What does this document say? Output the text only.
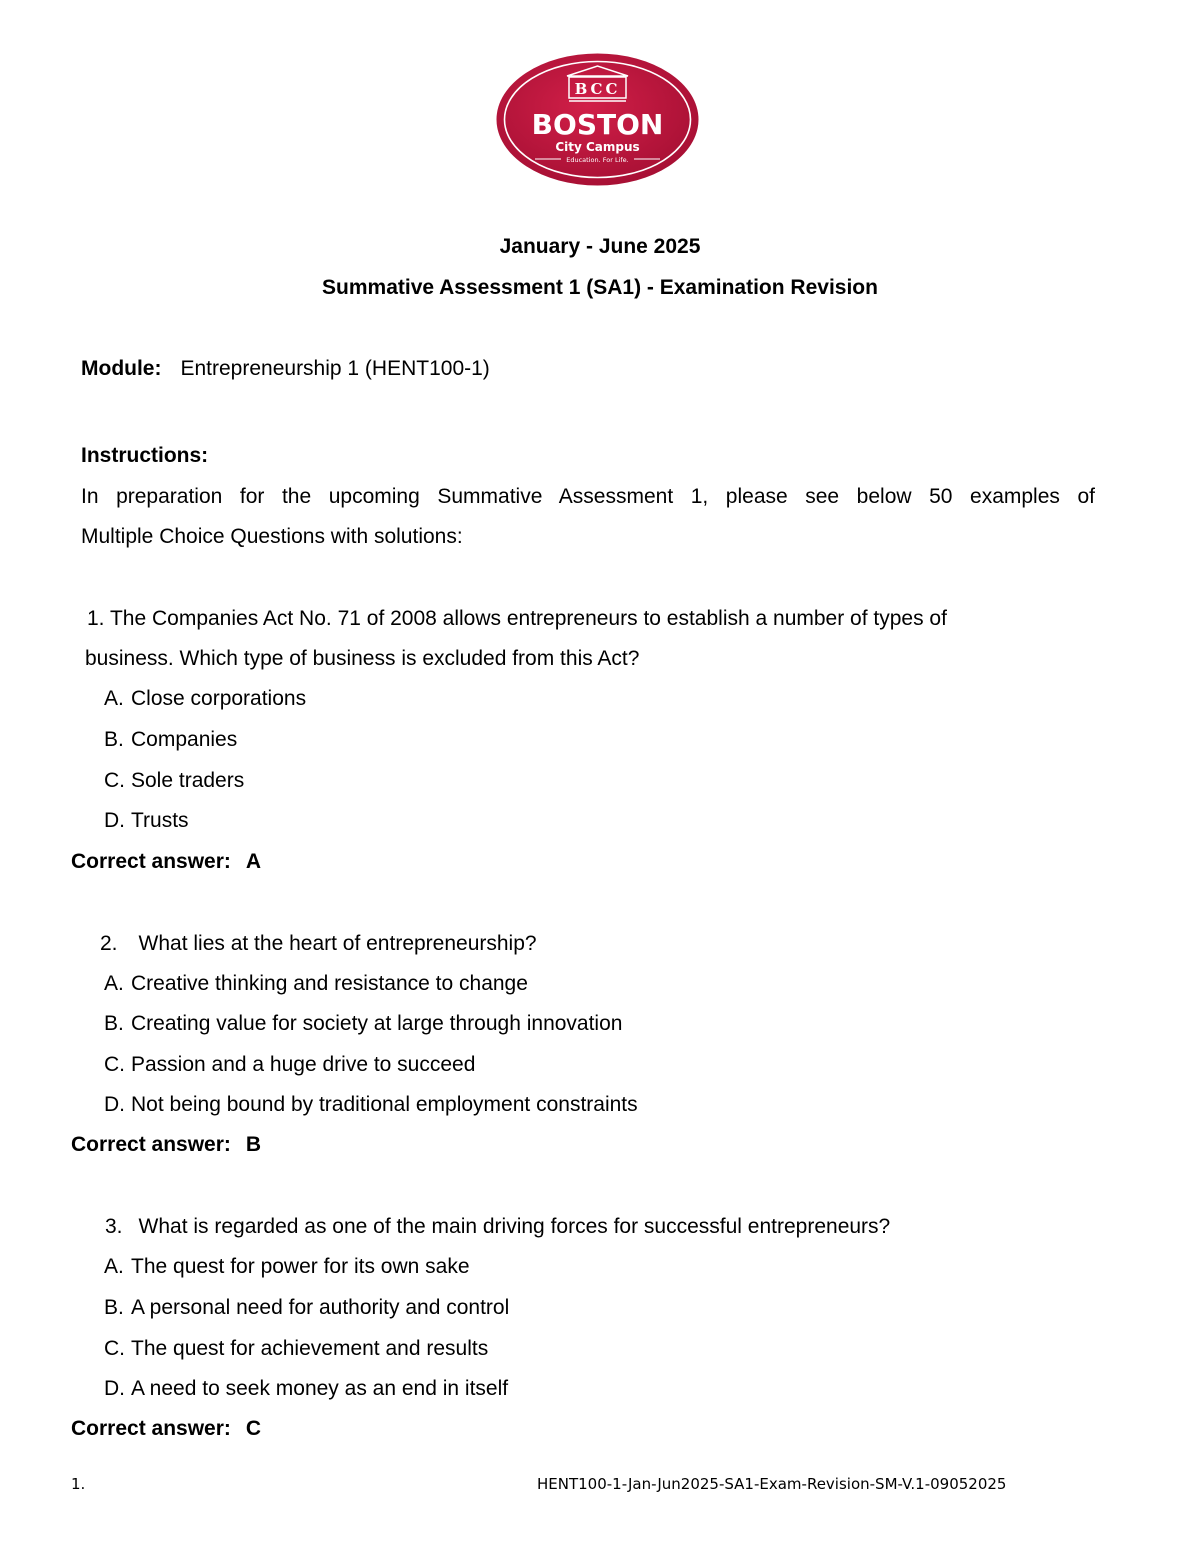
BCC
BOSTON
City Campus
Education. For Life.
January - June 2025
Summative Assessment 1 (SA1) - Examination Revision
Module: Entrepreneurship 1 (HENT100-1)
Instructions:
In preparation for the upcoming Summative Assessment 1, please see below 50 examples of
Multiple Choice Questions with solutions:
1. The Companies Act No. 71 of 2008 allows entrepreneurs to establish a number of types of
business. Which type of business is excluded from this Act?
A. Close corporations
B. Companies
C. Sole traders
D. Trusts
Correct answer: A
2. What lies at the heart of entrepreneurship?
A. Creative thinking and resistance to change
B. Creating value for society at large through innovation
C. Passion and a huge drive to succeed
D. Not being bound by traditional employment constraints
Correct answer: B
3. What is regarded as one of the main driving forces for successful entrepreneurs?
A. The quest for power for its own sake
B. A personal need for authority and control
C. The quest for achievement and results
D. A need to seek money as an end in itself
Correct answer: C
1.	HENT100-1-Jan-Jun2025-SA1-Exam-Revision-SM-V.1-09052025
